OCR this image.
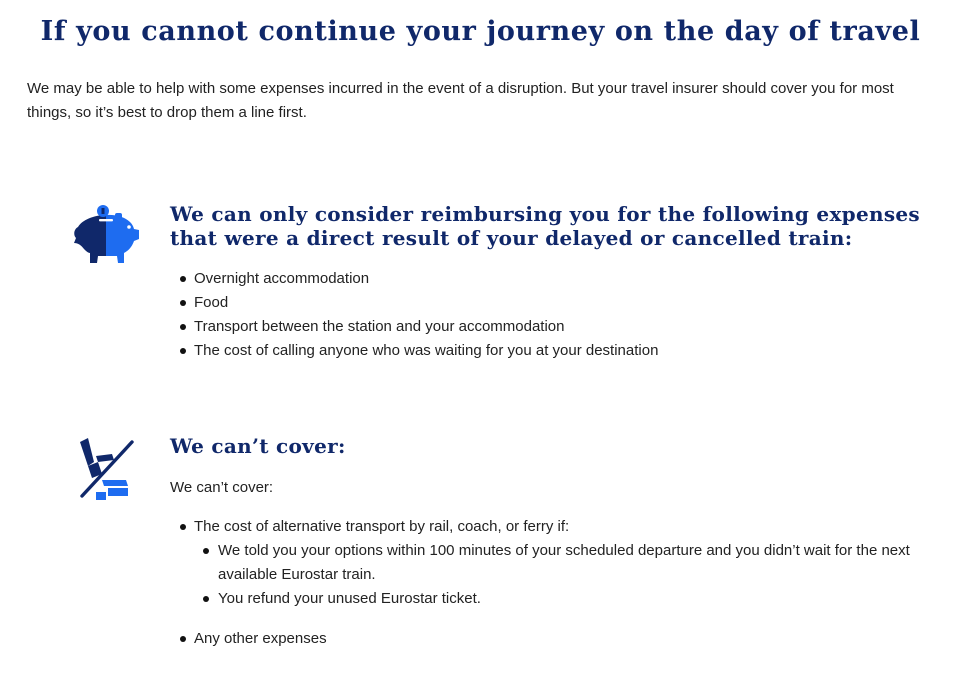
If you cannot continue your journey on the day of travel

We may be able to help with some expenses incurred in the event of a disruption. But your travel insurer should cover you for most things, so it’s best to drop them a line first.

We can only consider reimbursing you for the following expenses
that were a direct result of your delayed or cancelled train:
Overnight accommodation
Food
Transport between the station and your accommodation
The cost of calling anyone who was waiting for you at your destination
We can’t cover:

We can’t cover:

The cost of alternative transport by rail, coach, or ferry if:
We told you your options within 100 minutes of your scheduled departure and you didn’t wait for the next available Eurostar train.
You refund your unused Eurostar ticket.
Any other expenses
